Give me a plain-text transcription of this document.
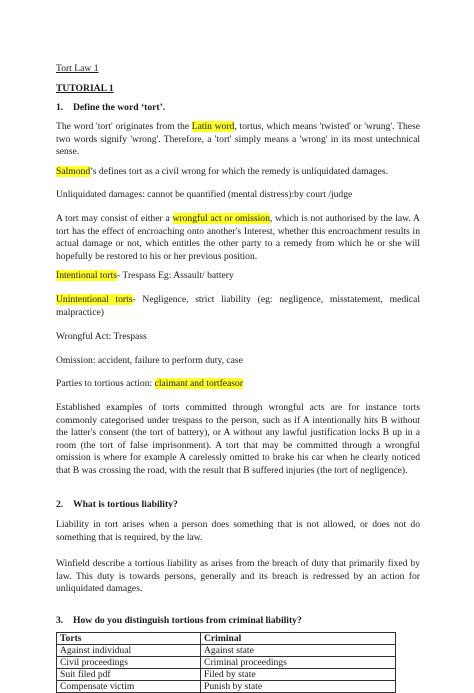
Tort Law 1

TUTORIAL 1

1. Define the word ‘tort’.

The word 'tort' originates from the Latin word, tortus, which means 'twisted' or 'wrung'. These two words signify 'wrong'. Therefore, a 'tort' simply means a 'wrong' in its most untechnical sense.

Salmond’s defines tort as a civil wrong for which the remedy is unliquidated damages.

Unliquidated damages: cannot be quantified (mental distress):by court /judge

A tort may consist of either a wrongful act or omission, which is not authorised by the law. A tort has the effect of encroaching onto another's Interest, whether this encroachment results in actual damage or not, which entitles the other party to a remedy from which he or she will hopefully be restored to his or her previous position.

Intentional torts- Trespass Eg: Assault/ battery

Unintentional torts- Negligence, strict liability (eg: negligence, misstatement, medical malpractice)

Wrongful Act: Trespass

Omission: accident, failure to perform duty, case

Parties to tortious action: claimant and tortfeasor

Established examples of torts committed through wrongful acts are for instance torts commonly categorised under trespass to the person, such as if A intentionally hits B without the latter's consent (the tort of battery), or A without any lawful justification locks B up in a room (the tort of false imprisonment). A tort that may be committed through a wrongful omission is where for example A carelessly omitted to brake his car when he clearly noticed that B was crossing the road, with the result that B suffered injuries (the tort of negligence).

2. What is tortious liability?

Liability in tort arises when a person does something that is not allowed, or does not do something that is required, by the law.

Winfield describe a tortious liability as arises from the breach of duty that primarily fixed by law. This duty is towards persons, generally and its breach is redressed by an action for unliquidated damages.

3. How do you distinguish tortious from criminal liability?

Torts	Criminal
Against individual	Against state
Civil proceedings	Criminal proceedings
Suit filed pdf	Filed by state
Compensate victim	Punish by state
